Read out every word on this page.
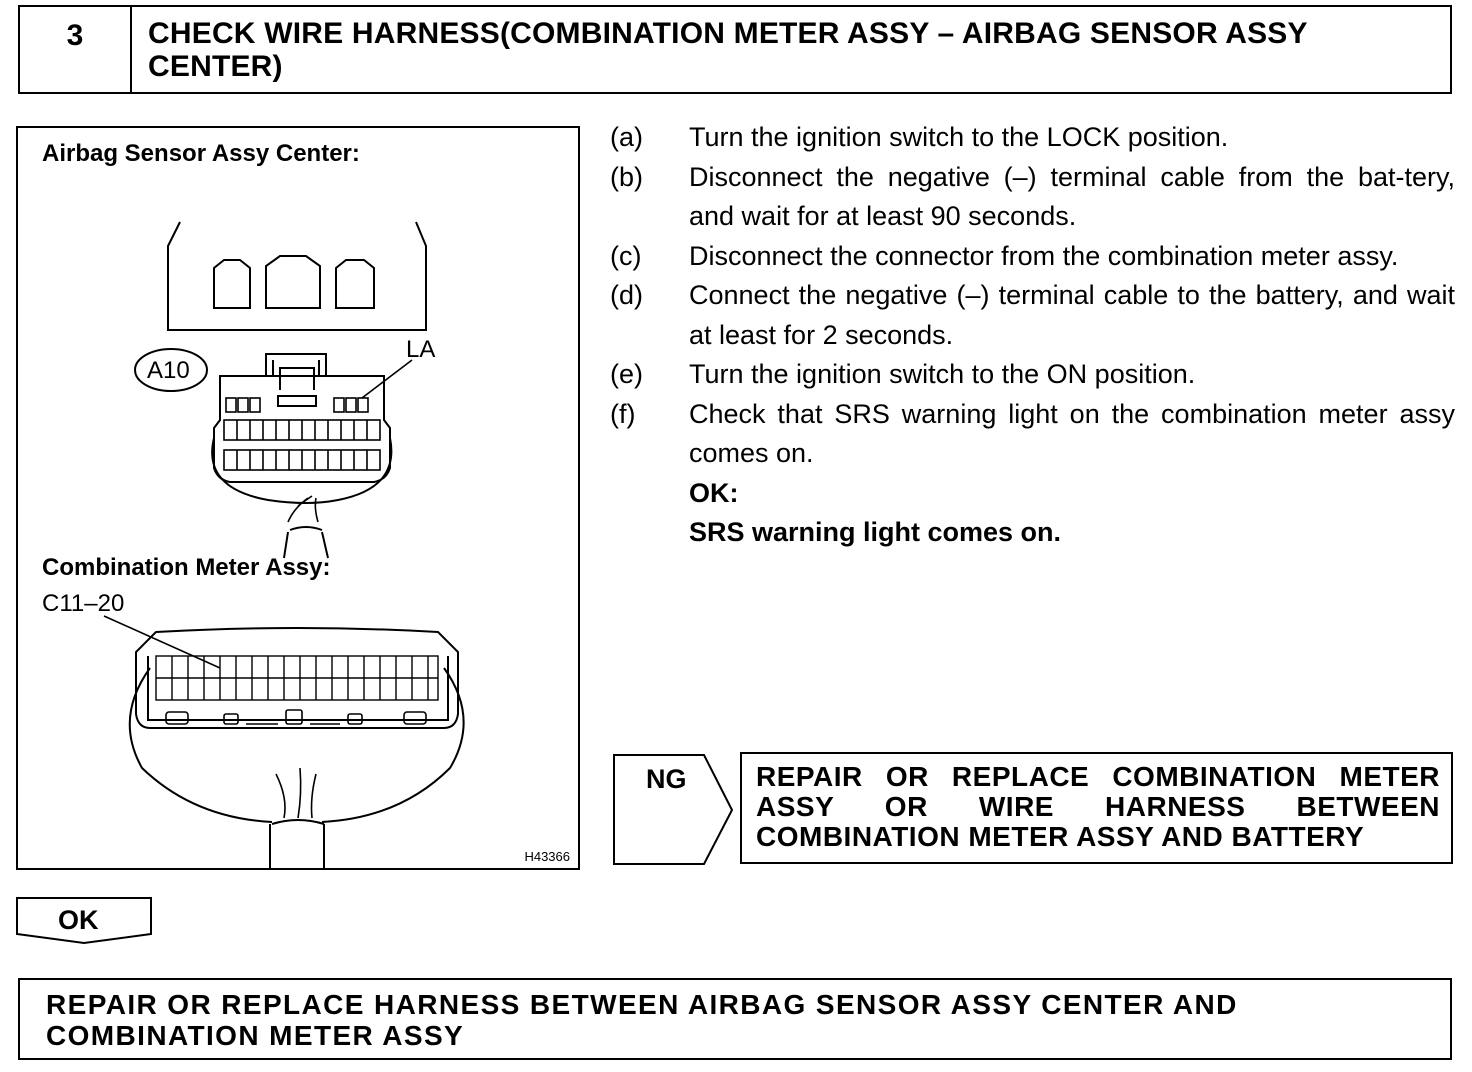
3	CHECK WIRE HARNESS(COMBINATION METER ASSY – AIRBAG SENSOR ASSY CENTER)
Airbag Sensor Assy Center:
A10
LA
Combination Meter Assy:
C11–20
H43366
(a)	Turn the ignition switch to the LOCK position.
(b)	Disconnect the negative (–) terminal cable from the bat-tery, and wait for at least 90 seconds.
(c)	Disconnect the connector from the combination meter assy.
(d)	Connect the negative (–) terminal cable to the battery, and wait at least for 2 seconds.
(e)	Turn the ignition switch to the ON position.
(f)	Check that SRS warning light on the combination meter assy comes on.
OK:
SRS warning light comes on.
NG REPAIR OR REPLACE COMBINATION METER ASSY OR WIRE HARNESS BETWEEN COMBINATION METER ASSY AND BATTERY
OK
REPAIR OR REPLACE HARNESS BETWEEN AIRBAG SENSOR ASSY CENTER AND COMBINATION METER ASSY
